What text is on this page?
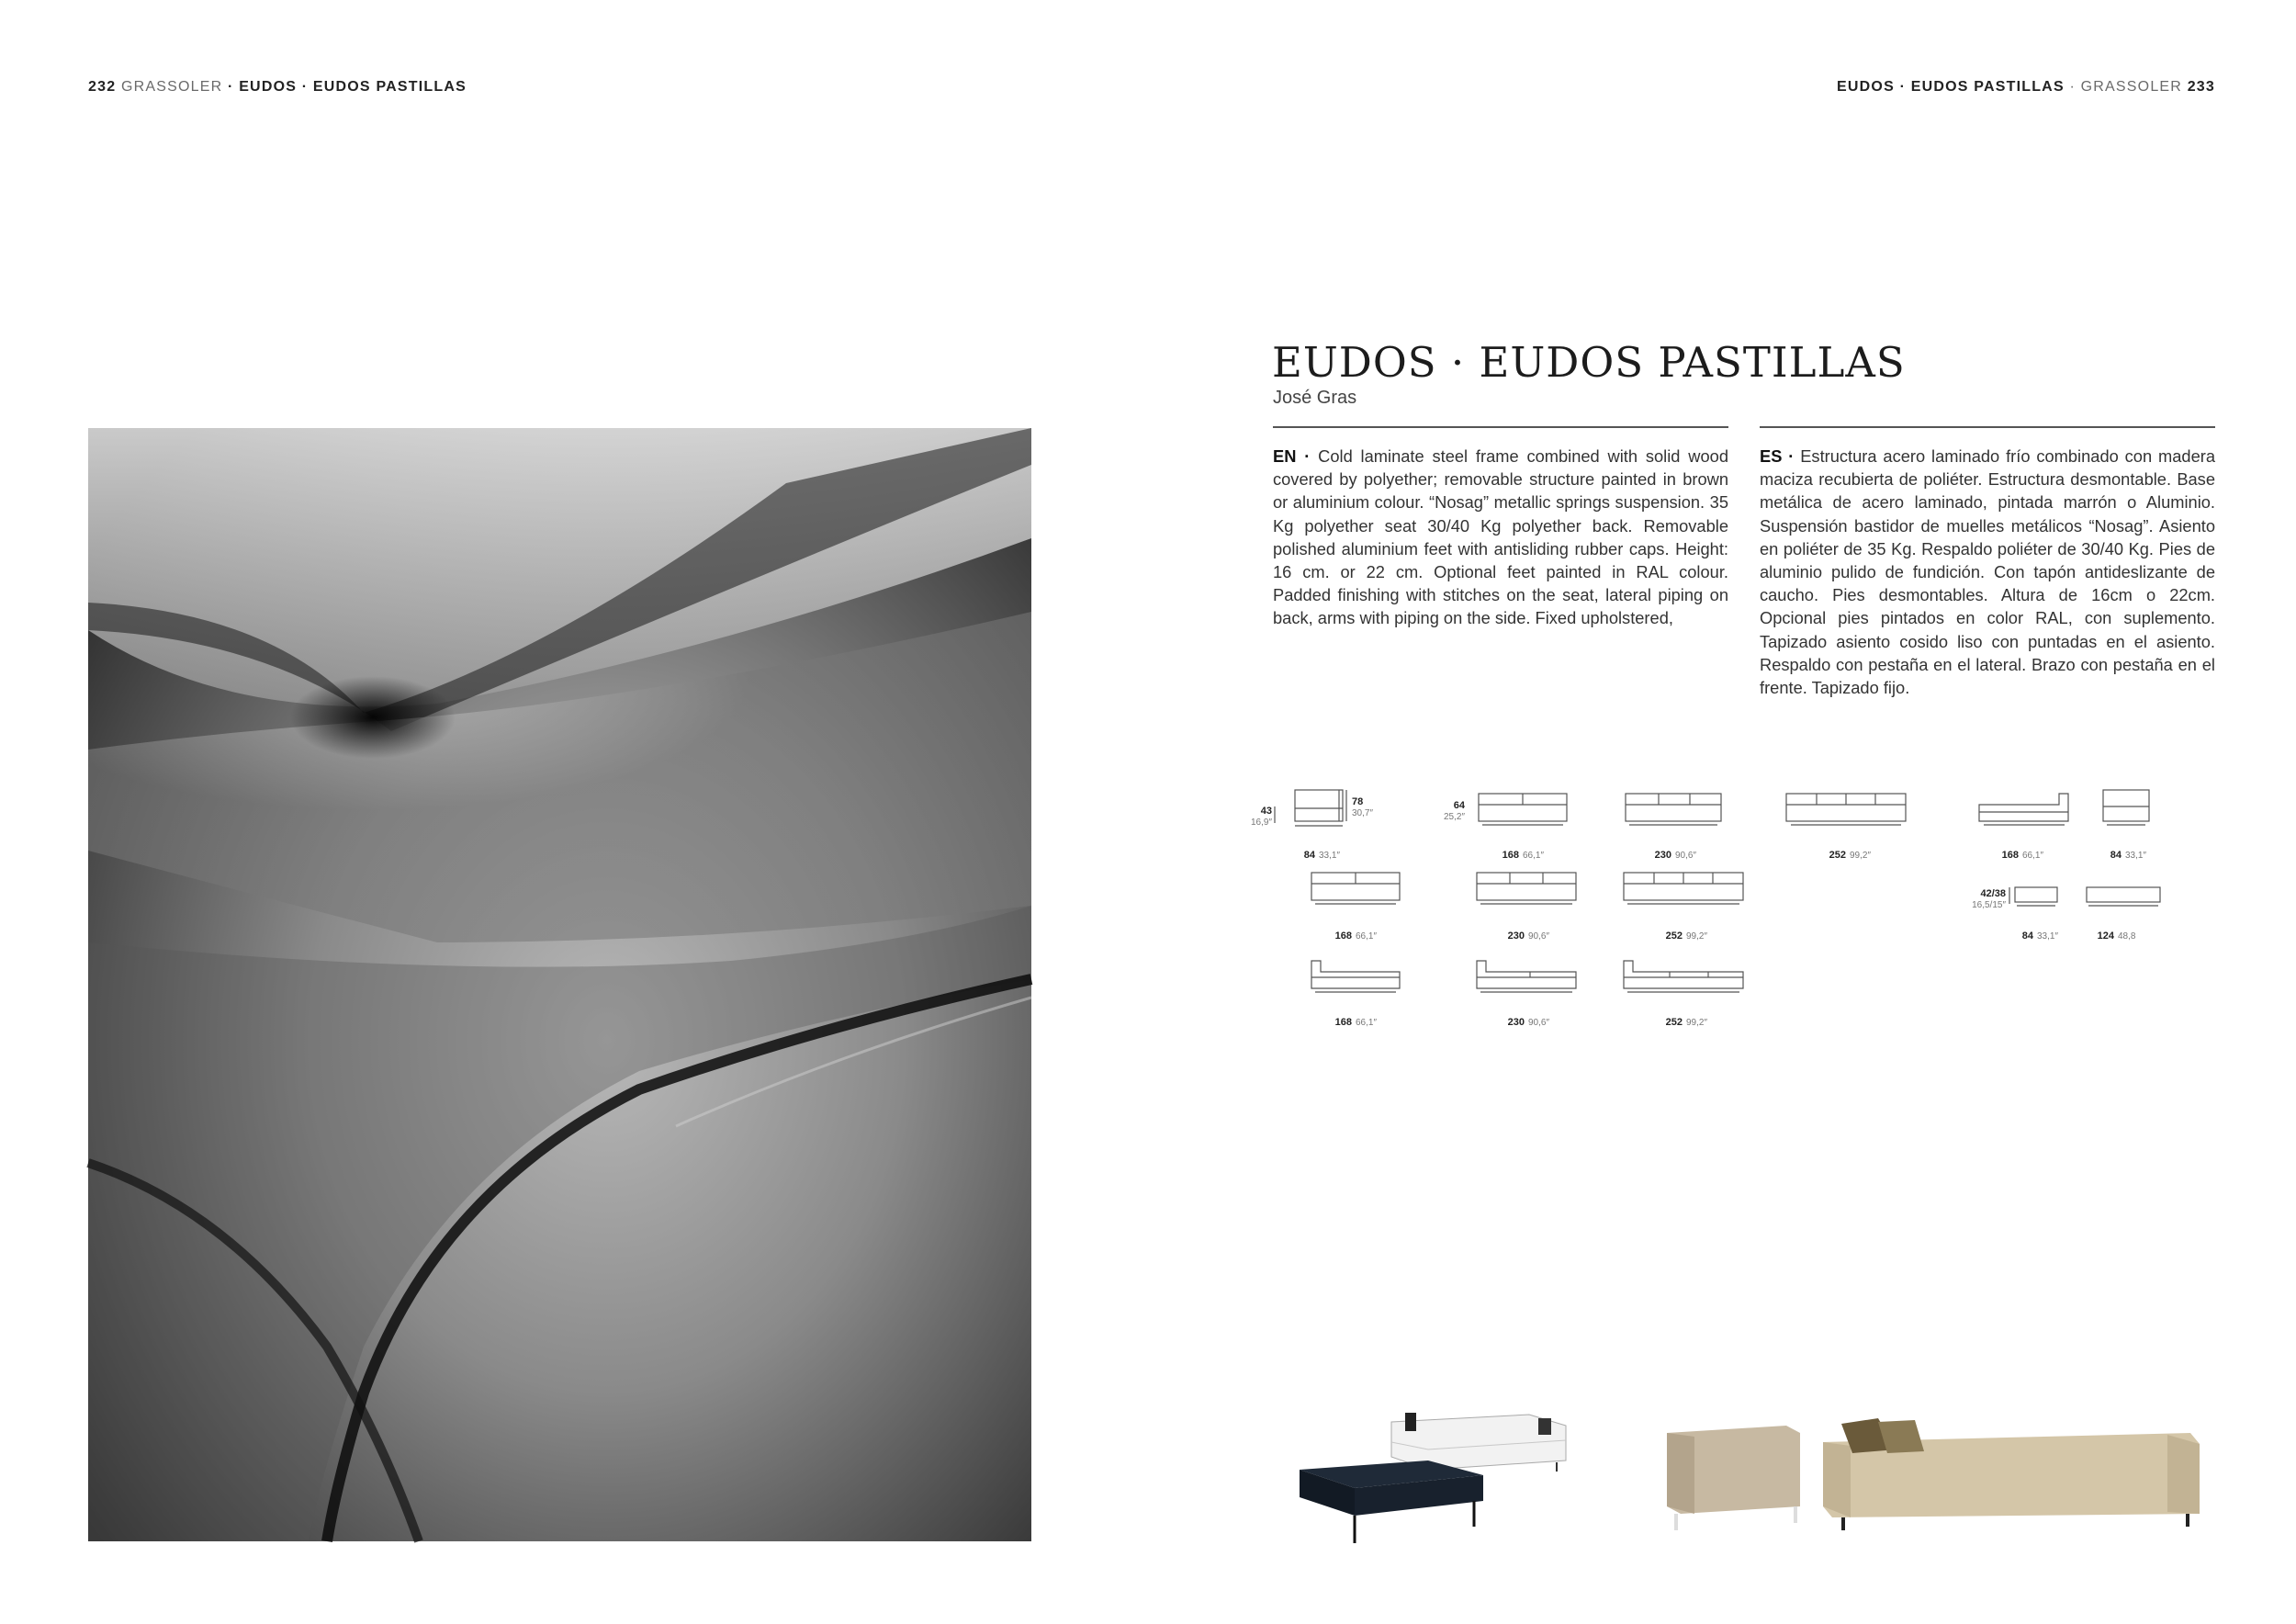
232 GRASSOLER · EUDOS · EUDOS PASTILLAS	EUDOS · EUDOS PASTILLAS · GRASSOLER 233
EUDOS · EUDOS PASTILLAS
José Gras
EN · Cold laminate steel frame combined with solid wood covered by polyether; removable structure painted in brown or aluminium colour. “Nosag” metallic springs suspension. 35 Kg polyether seat 30/40 Kg polyether back. Removable polished aluminium feet with antisliding rubber caps. Height: 16 cm. or 22 cm. Optional feet painted in RAL colour. Padded finishing with stitches on the seat, lateral piping on back, arms with piping on the side. Fixed upholstered,
ES · Estructura acero laminado frío combinado con madera maciza recubierta de poliéter. Estructura desmontable. Base metálica de acero laminado, pintada marrón o Aluminio. Suspensión bastidor de muelles metálicos “Nosag”. Asiento en poliéter de 35 Kg. Respaldo poliéter de 30/40 Kg. Pies de aluminio pulido de fundición. Con tapón antideslizante de caucho. Pies desmontables. Altura de 16cm o 22cm. Opcional pies pintados en color RAL, con suplemento. Tapizado asiento cosido liso con puntadas en el asiento. Respaldo con pestaña en el lateral. Brazo con pestaña en el frente. Tapizado fijo.
43
16,9″
78
30,7″
84 33,1″
64
25,2″
168 66,1″	230 90,6″	252 99,2″	168 66,1″	84 33,1″
168 66,1″	230 90,6″	252 99,2″
42/38
16,5/15″
84 33,1″	124 48,8
168 66,1″	230 90,6″	252 99,2″
